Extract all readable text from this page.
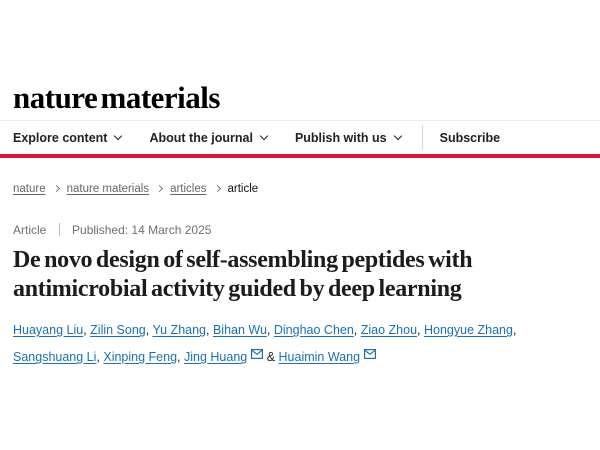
nature materials
Explore content	About the journal	Publish with us	Subscribe
nature nature materials articles article
Article Published: 14 March 2025
De novo design of self-assembling peptides with antimicrobial activity guided by deep learning

Huayang Liu, Zilin Song, Yu Zhang, Bihan Wu, Dinghao Chen, Ziao Zhou, Hongyue Zhang, Sangshuang Li, Xinping Feng, Jing Huang & Huaimin Wang
